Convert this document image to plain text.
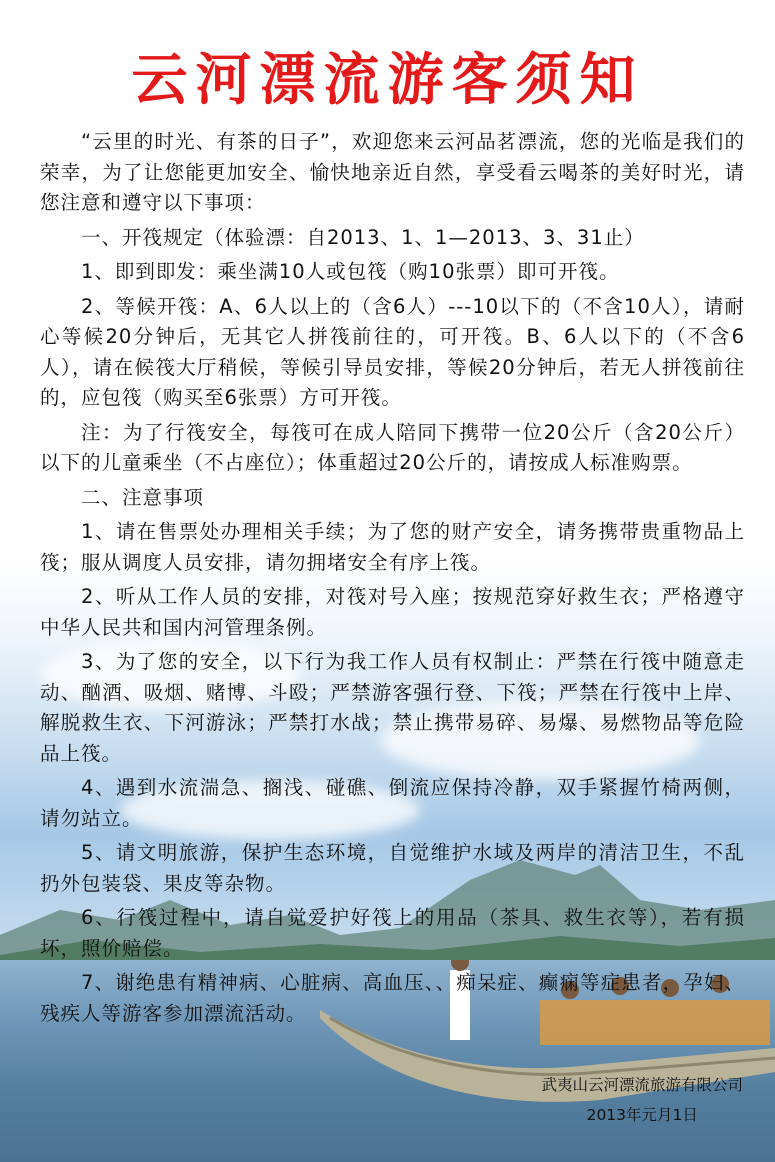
云河漂流游客须知

“云里的时光、有茶的日子”，欢迎您来云河品茗漂流，您的光临是我们的荣幸，为了让您能更加安全、愉快地亲近自然，享受看云喝茶的美好时光，请您注意和遵守以下事项：

一、开筏规定（体验漂：自2013、1、1—2013、3、31止）

1、即到即发：乘坐满10人或包筏（购10张票）即可开筏。

2、等候开筏：A、6人以上的（含6人）---10以下的（不含10人），请耐心等候20分钟后，无其它人拼筏前往的，可开筏。B、6人以下的（不含6人），请在候筏大厅稍候，等候引导员安排，等候20分钟后，若无人拼筏前往的，应包筏（购买至6张票）方可开筏。

注：为了行筏安全，每筏可在成人陪同下携带一位20公斤（含20公斤）以下的儿童乘坐（不占座位）；体重超过20公斤的，请按成人标准购票。

二、注意事项

1、请在售票处办理相关手续；为了您的财产安全，请务携带贵重物品上筏；服从调度人员安排，请勿拥堵安全有序上筏。

2、听从工作人员的安排，对筏对号入座；按规范穿好救生衣；严格遵守中华人民共和国内河管理条例。

3、为了您的安全，以下行为我工作人员有权制止：严禁在行筏中随意走动、酗酒、吸烟、赌博、斗殴；严禁游客强行登、下筏；严禁在行筏中上岸、解脱救生衣、下河游泳；严禁打水战；禁止携带易碎、易爆、易燃物品等危险品上筏。

4、遇到水流湍急、搁浅、碰礁、倒流应保持冷静，双手紧握竹椅两侧，请勿站立。

5、请文明旅游，保护生态环境，自觉维护水域及两岸的清洁卫生，不乱扔外包装袋、果皮等杂物。

6、行筏过程中，请自觉爱护好筏上的用品（茶具、救生衣等），若有损坏，照价赔偿。

7、谢绝患有精神病、心脏病、高血压、、痴呆症、癫痫等症患者，孕妇、残疾人等游客参加漂流活动。

武夷山云河漂流旅游有限公司
2013年元月1日
